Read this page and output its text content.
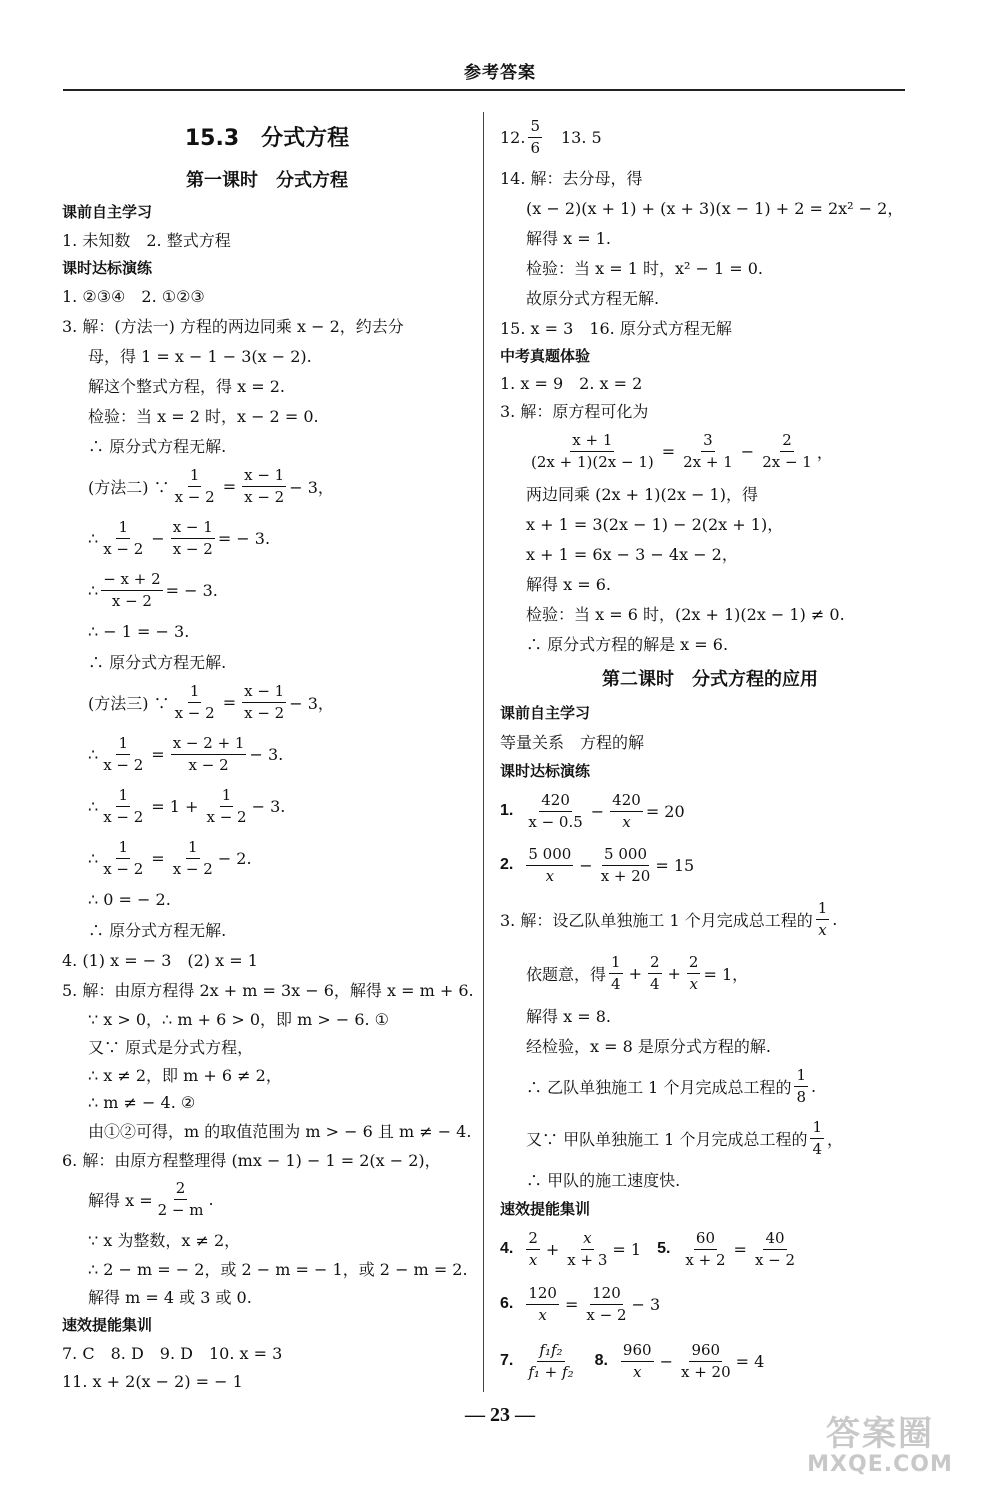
参考答案
15.3　分式方程
第一课时　分式方程
课前自主学习
1. 未知数　2. 整式方程
课时达标演练
1. ②③④　2. ①②③
3. 解：(方法一) 方程的两边同乘 x − 2，约去分
母，得 1 = x − 1 − 3(x − 2).
解这个整式方程，得 x = 2.
检验：当 x = 2 时，x − 2 = 0.
∴ 原分式方程无解.
(方法二) ∵ $\frac{1}{x - 2} = \frac{x - 1}{x - 2} - 3$，
∴ $\frac{1}{x - 2} - \frac{x - 1}{x - 2}$ = − 3.
∴ $\frac{- x + 2}{x - 2}$ = − 3.
∴ − 1 = − 3.
∴ 原分式方程无解.
(方法三) ∵ $\frac{1}{x - 2} = \frac{x - 1}{x - 2} - 3$，
∴ $\frac{1}{x - 2} = \frac{x - 2 + 1}{x - 2} - 3$.
∴ $\frac{1}{x - 2} = 1 + \frac{1}{x - 2} - 3$.
∴ $\frac{1}{x - 2} = \frac{1}{x - 2} - 2$.
∴ 0 = − 2.
∴ 原分式方程无解.
4. (1) x = − 3　(2) x = 1
5. 解：由原方程得 2x + m = 3x − 6，解得 x = m + 6.
∵ x > 0，∴ m + 6 > 0，即 m > − 6. ①
又∵ 原式是分式方程，
∴ x ≠ 2，即 m + 6 ≠ 2，
∴ m ≠ − 4. ②
由①②可得，m 的取值范围为 m > − 6 且 m ≠ − 4.
6. 解：由原方程整理得 (mx − 1) − 1 = 2(x − 2)，
解得 $x = \frac{2}{2 - m}$ .
∵ x 为整数，x ≠ 2，
∴ 2 − m = − 2，或 2 − m = − 1，或 2 − m = 2.
解得 m = 4 或 3 或 0.
速效提能集训
7. C　8. D　9. D　10. x = 3
11. x + 2(x − 2) = − 1
12. $\frac{5}{6} 13$. 5
14. 解：去分母，得
(x − 2)(x + 1) + (x + 3)(x − 1) + 2 = 2x² − 2，
解得 x = 1.
检验：当 x = 1 时，x² − 1 = 0.
故原分式方程无解.
15. x = 3　16. 原分式方程无解
中考真题体验
1. x = 9　2. x = 2
3. 解：原方程可化为
$\frac{x + 1}{(2x + 1)(2x - 1)} = \frac{3}{2x + 1} - \frac{2}{2x - 1}$ ，
两边同乘 (2x + 1)(2x − 1)，得
x + 1 = 3(2x − 1) − 2(2x + 1)，
x + 1 = 6x − 3 − 4x − 2，
解得 x = 6.
检验：当 x = 6 时，(2x + 1)(2x − 1) ≠ 0.
∴ 原分式方程的解是 x = 6.
第二课时　分式方程的应用
课前自主学习
等量关系　方程的解
课时达标演练
1. $\frac{420}{x - 0.5} - \frac{420}{x} = 20$
2. $\frac{5 000}{x} - \frac{5 000}{x + 20} = 15$
3. 解：设乙队单独施工 1 个月完成总工程的 $\frac{1}{x}$ .
依题意，得 $\frac{1}{4} + \frac{2}{4} + \frac{2}{x} = 1$，
解得 x = 8.
经检验，x = 8 是原分式方程的解.
∴ 乙队单独施工 1 个月完成总工程的 $\frac{1}{8}$ .
又∵ 甲队单独施工 1 个月完成总工程的 $\frac{1}{4}$ ，
∴ 甲队的施工速度快.
速效提能集训
4. $\frac{2}{x} + \frac{x}{x + 3} = 1$ 5. $\frac{60}{x + 2} = \frac{40}{x - 2}$
6. $\frac{120}{x} = \frac{120}{x - 2} - 3$
7. $\frac{\text{f₁f₂}}{\text{f₁ + f₂}} 8$. $\frac{960}{x} - \frac{960}{x + 20} = 4$
— 23 —	答案圈
MXQE.COM
